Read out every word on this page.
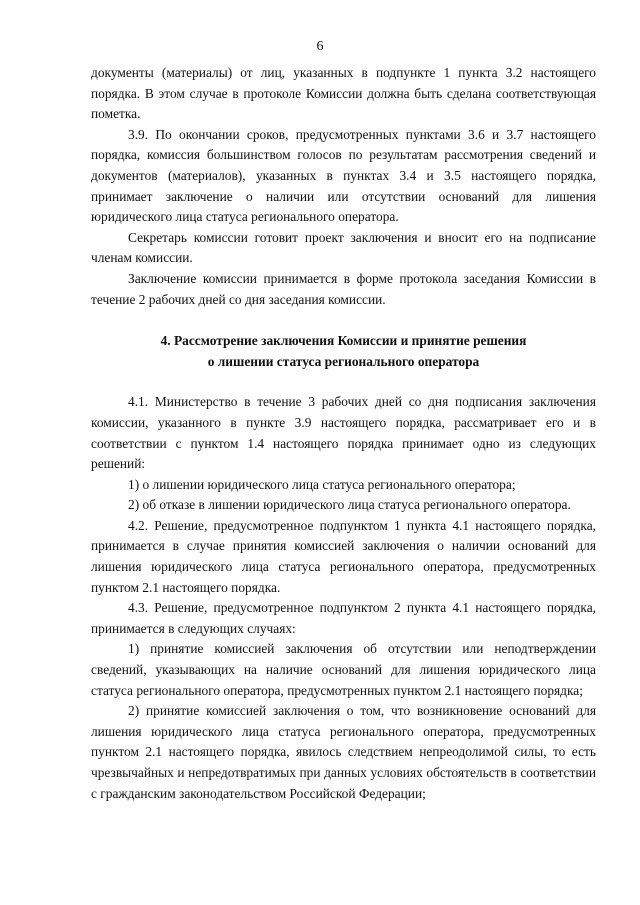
6

документы (материалы) от лиц, указанных в подпункте 1 пункта 3.2 настоящего порядка. В этом случае в протоколе Комиссии должна быть сделана соответствующая пометка.

3.9. По окончании сроков, предусмотренных пунктами 3.6 и 3.7 настоящего порядка, комиссия большинством голосов по результатам рассмотрения сведений и документов (материалов), указанных в пунктах 3.4 и 3.5 настоящего порядка, принимает заключение о наличии или отсутствии оснований для лишения юридического лица статуса регионального оператора.

Секретарь комиссии готовит проект заключения и вносит его на подписание членам комиссии.

Заключение комиссии принимается в форме протокола заседания Комиссии в течение 2 рабочих дней со дня заседания комиссии.

4. Рассмотрение заключения Комиссии и принятие решения
о лишении статуса регионального оператора

4.1. Министерство в течение 3 рабочих дней со дня подписания заключения комиссии, указанного в пункте 3.9 настоящего порядка, рассматривает его и в соответствии с пунктом 1.4 настоящего порядка принимает одно из следующих решений:

1) о лишении юридического лица статуса регионального оператора;

2) об отказе в лишении юридического лица статуса регионального оператора.

4.2. Решение, предусмотренное подпунктом 1 пункта 4.1 настоящего порядка, принимается в случае принятия комиссией заключения о наличии оснований для лишения юридического лица статуса регионального оператора, предусмотренных пунктом 2.1 настоящего порядка.

4.3. Решение, предусмотренное подпунктом 2 пункта 4.1 настоящего порядка, принимается в следующих случаях:

1) принятие комиссией заключения об отсутствии или неподтверждении сведений, указывающих на наличие оснований для лишения юридического лица статуса регионального оператора, предусмотренных пунктом 2.1 настоящего порядка;

2) принятие комиссией заключения о том, что возникновение оснований для лишения юридического лица статуса регионального оператора, предусмотренных пунктом 2.1 настоящего порядка, явилось следствием непреодолимой силы, то есть чрезвычайных и непредотвратимых при данных условиях обстоятельств в соответствии с гражданским законодательством Российской Федерации;
